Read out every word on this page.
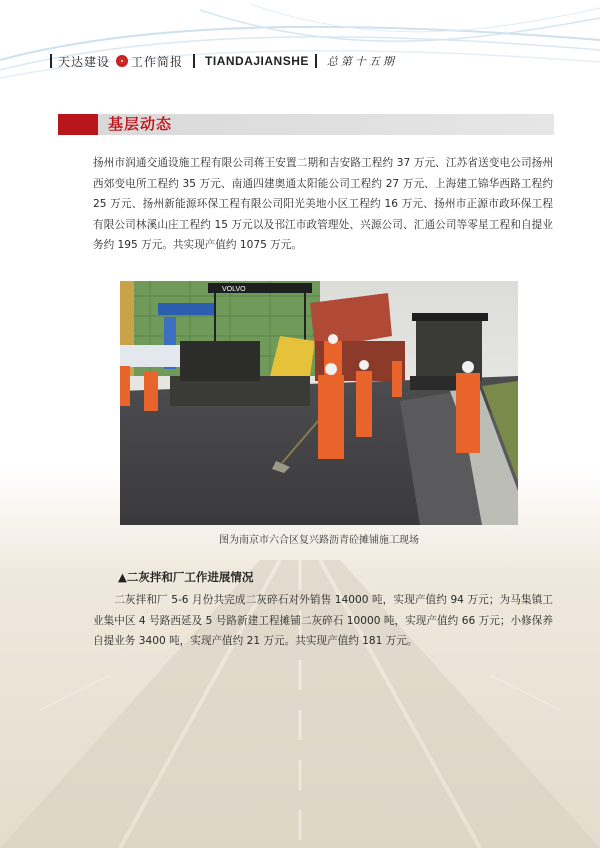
天达建设 工作简报 TIANDAJIANSHE 总第十五期
基层动态

扬州市润通交通设施工程有限公司蒋王安置二期和吉安路工程约 37 万元、江苏省送变电公司扬州西郊变电所工程约 35 万元、南通四建奥通太阳能公司工程约 27 万元、上海建工锦华西路工程约 25 万元、扬州新能源环保工程有限公司阳光美地小区工程约 16 万元、扬州市正源市政环保工程有限公司林溪山庄工程约 15 万元以及邗江市政管理处、兴源公司、汇通公司等零星工程和自提业务约 195 万元。共实现产值约 1075 万元。

VOLVO
图为南京市六合区复兴路沥青砼摊铺施工现场
▲二灰拌和厂工作进展情况

二灰拌和厂 5-6 月份共完成二灰碎石对外销售 14000 吨，实现产值约 94 万元；为马集镇工业集中区 4 号路西延及 5 号路新建工程摊铺二灰碎石 10000 吨，实现产值约 66 万元；小修保养自提业务 3400 吨，实现产值约 21 万元。共实现产值约 181 万元。
